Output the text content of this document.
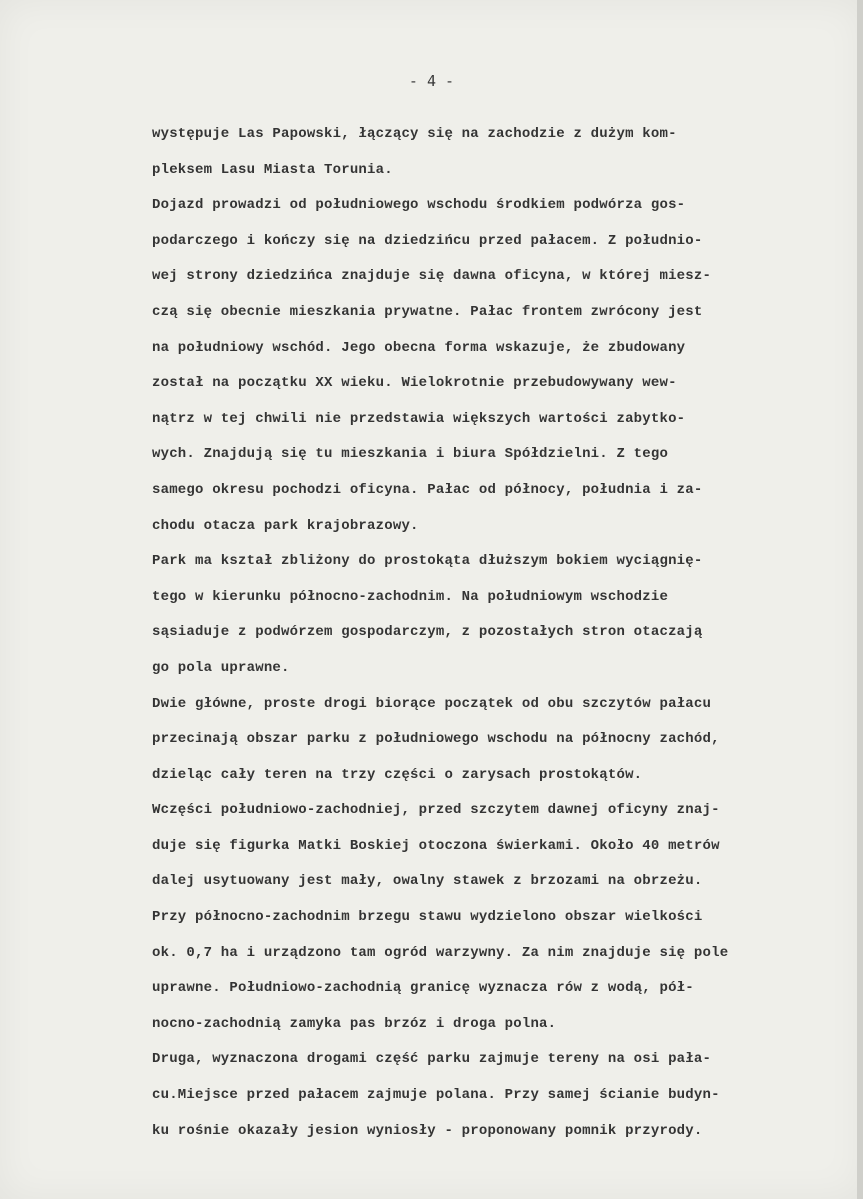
- 4 -
występuje Las Papowski, łączący się na zachodzie z dużym kom-
pleksem Lasu Miasta Torunia.
Dojazd prowadzi od południowego wschodu środkiem podwórza gos-
podarczego i kończy się na dziedzińcu przed pałacem. Z południo-
wej strony dziedzińca znajduje się dawna oficyna, w której miesz-
czą się obecnie mieszkania prywatne. Pałac frontem zwrócony jest
na południowy wschód. Jego obecna forma wskazuje, że zbudowany
został na początku XX wieku. Wielokrotnie przebudowywany wew-
nątrz w tej chwili nie przedstawia większych wartości zabytko-
wych. Znajdują się tu mieszkania i biura Spółdzielni. Z tego
samego okresu pochodzi oficyna. Pałac od północy, południa i za-
chodu otacza park krajobrazowy.
Park ma kształ zbliżony do prostokąta dłuższym bokiem wyciągnię-
tego w kierunku północno-zachodnim. Na południowym wschodzie
sąsiaduje z podwórzem gospodarczym, z pozostałych stron otaczają
go pola uprawne.
Dwie główne, proste drogi biorące początek od obu szczytów pałacu
przecinają obszar parku z południowego wschodu na północny zachód,
dzieląc cały teren na trzy części o zarysach prostokątów.
Wczęści południowo-zachodniej, przed szczytem dawnej oficyny znaj-
duje się figurka Matki Boskiej otoczona świerkami. Około 40 metrów
dalej usytuowany jest mały, owalny stawek z brzozami na obrzeżu.
Przy północno-zachodnim brzegu stawu wydzielono obszar wielkości
ok. 0,7 ha i urządzono tam ogród warzywny. Za nim znajduje się pole
uprawne. Południowo-zachodnią granicę wyznacza rów z wodą, pół-
nocno-zachodnią zamyka pas brzóz i droga polna.
Druga, wyznaczona drogami część parku zajmuje tereny na osi pała-
cu.Miejsce przed pałacem zajmuje polana. Przy samej ścianie budyn-
ku rośnie okazały jesion wyniosły - proponowany pomnik przyrody.
